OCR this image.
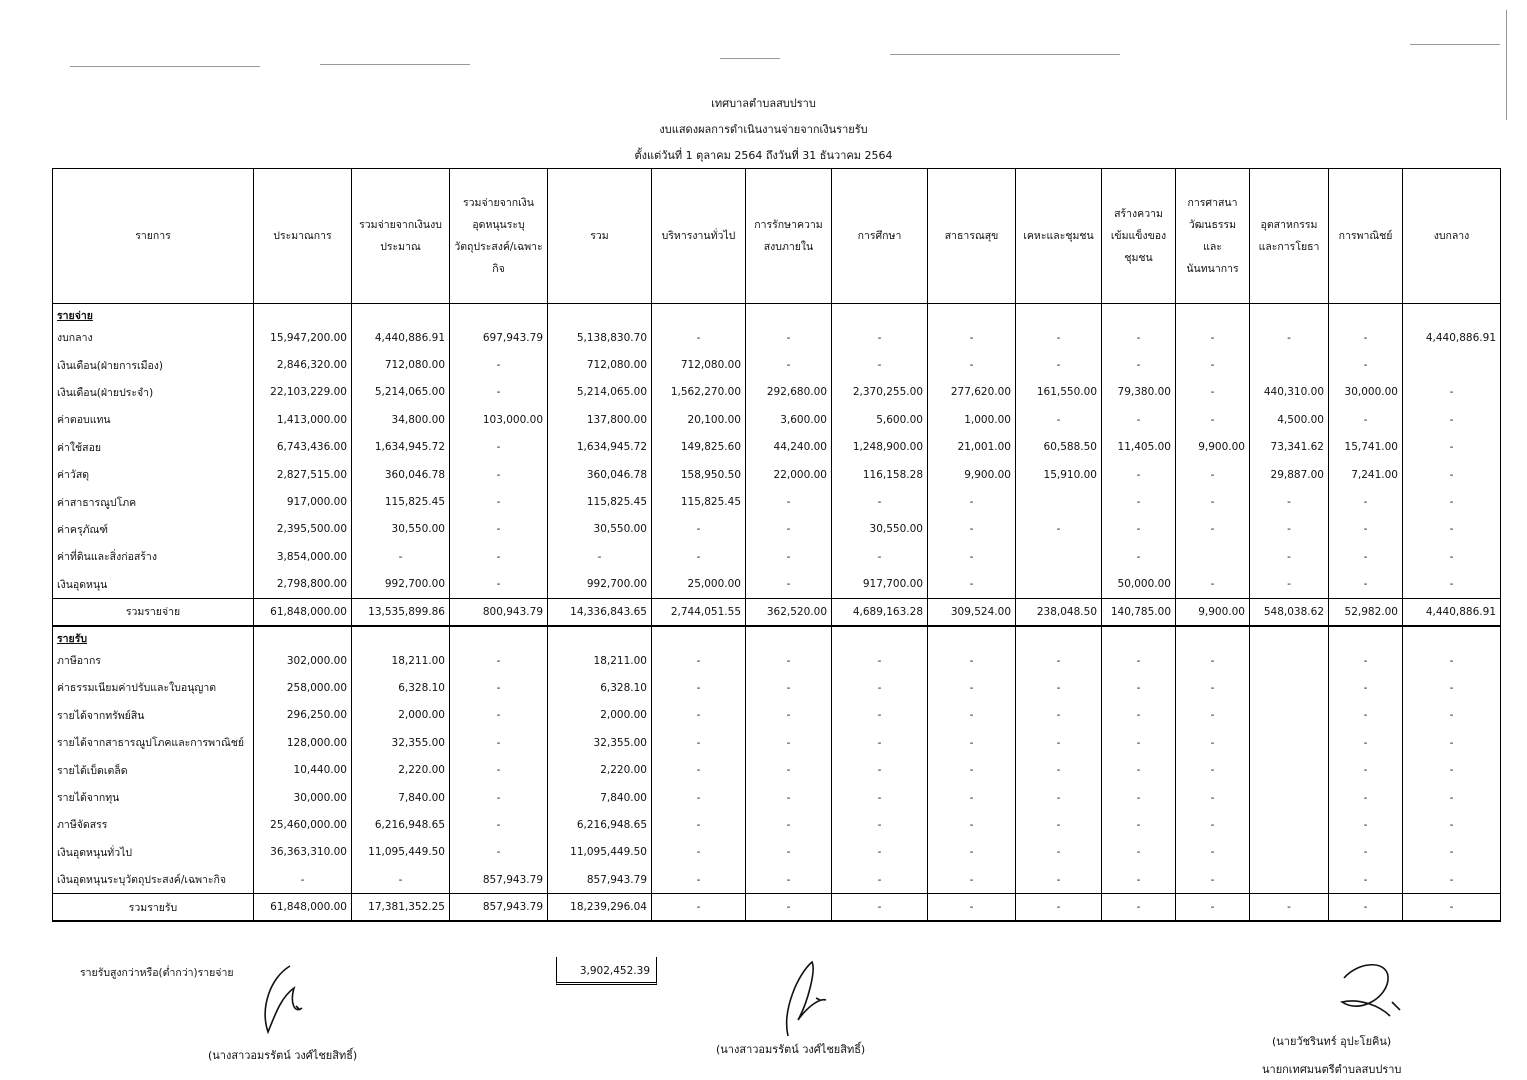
เทศบาลตำบลสบปราบ
งบแสดงผลการดำเนินงานจ่ายจากเงินรายรับ
ตั้งแต่วันที่ 1 ตุลาคม 2564 ถึงวันที่ 31 ธันวาคม 2564
รายการ	ประมาณการ	รวมจ่ายจากเงินงบประมาณ	รวมจ่ายจากเงินอุดหนุนระบุวัตถุประสงค์/เฉพาะกิจ	รวม	บริหารงานทั่วไป	การรักษาความสงบภายใน	การศึกษา	สาธารณสุข	เคหะและชุมชน	สร้างความเข้มแข็งของชุมชน	การศาสนาวัฒนธรรมและนันทนาการ	อุตสาหกรรมและการโยธา	การพาณิชย์	งบกลาง
รายจ่าย														
งบกลาง	15,947,200.00	4,440,886.91	697,943.79	5,138,830.70	-	-	-	-	-	-	-	-	-	4,440,886.91
เงินเดือน(ฝ่ายการเมือง)	2,846,320.00	712,080.00	-	712,080.00	712,080.00	-	-	-	-	-	-		-	
เงินเดือน(ฝ่ายประจำ)	22,103,229.00	5,214,065.00	-	5,214,065.00	1,562,270.00	292,680.00	2,370,255.00	277,620.00	161,550.00	79,380.00	-	440,310.00	30,000.00	-
ค่าตอบแทน	1,413,000.00	34,800.00	103,000.00	137,800.00	20,100.00	3,600.00	5,600.00	1,000.00	-	-	-	4,500.00	-	-
ค่าใช้สอย	6,743,436.00	1,634,945.72	-	1,634,945.72	149,825.60	44,240.00	1,248,900.00	21,001.00	60,588.50	11,405.00	9,900.00	73,341.62	15,741.00	-
ค่าวัสดุ	2,827,515.00	360,046.78	-	360,046.78	158,950.50	22,000.00	116,158.28	9,900.00	15,910.00	-	-	29,887.00	7,241.00	-
ค่าสาธารณูปโภค	917,000.00	115,825.45	-	115,825.45	115,825.45	-	-	-		-	-	-	-	-
ค่าครุภัณฑ์	2,395,500.00	30,550.00	-	30,550.00	-	-	30,550.00	-	-	-	-	-	-	-
ค่าที่ดินและสิ่งก่อสร้าง	3,854,000.00	-	-	-	-	-	-	-		-		-	-	-
เงินอุดหนุน	2,798,800.00	992,700.00	-	992,700.00	25,000.00	-	917,700.00	-		50,000.00	-	-	-	-
รวมรายจ่าย	61,848,000.00	13,535,899.86	800,943.79	14,336,843.65	2,744,051.55	362,520.00	4,689,163.28	309,524.00	238,048.50	140,785.00	9,900.00	548,038.62	52,982.00	4,440,886.91
รายรับ														
ภาษีอากร	302,000.00	18,211.00	-	18,211.00	-	-	-	-	-	-	-		-	-
ค่าธรรมเนียมค่าปรับและใบอนุญาต	258,000.00	6,328.10	-	6,328.10	-	-	-	-	-	-	-		-	-
รายได้จากทรัพย์สิน	296,250.00	2,000.00	-	2,000.00	-	-	-	-	-	-	-		-	-
รายได้จากสาธารณูปโภคและการพาณิชย์	128,000.00	32,355.00	-	32,355.00	-	-	-	-	-	-	-		-	-
รายได้เบ็ดเตล็ด	10,440.00	2,220.00	-	2,220.00	-	-	-	-	-	-	-		-	-
รายได้จากทุน	30,000.00	7,840.00	-	7,840.00	-	-	-	-	-	-	-		-	-
ภาษีจัดสรร	25,460,000.00	6,216,948.65	-	6,216,948.65	-	-	-	-	-	-	-		-	-
เงินอุดหนุนทั่วไป	36,363,310.00	11,095,449.50	-	11,095,449.50	-	-	-	-	-	-	-		-	-
เงินอุดหนุนระบุวัตถุประสงค์/เฉพาะกิจ	-	-	857,943.79	857,943.79	-	-	-	-	-	-	-		-	-
รวมรายรับ	61,848,000.00	17,381,352.25	857,943.79	18,239,296.04	-	-	-	-	-	-	-	-	-	-
รายรับสูงกว่าหรือ(ต่ำกว่า)รายจ่าย	3,902,452.39
(นางสาวอมรรัตน์ วงศ์ไชยสิทธิ์)	(นางสาวอมรรัตน์ วงศ์ไชยสิทธิ์)
(นายวัชรินทร์ อุปะโยคิน)
นายกเทศมนตรีตำบลสบปราบ
